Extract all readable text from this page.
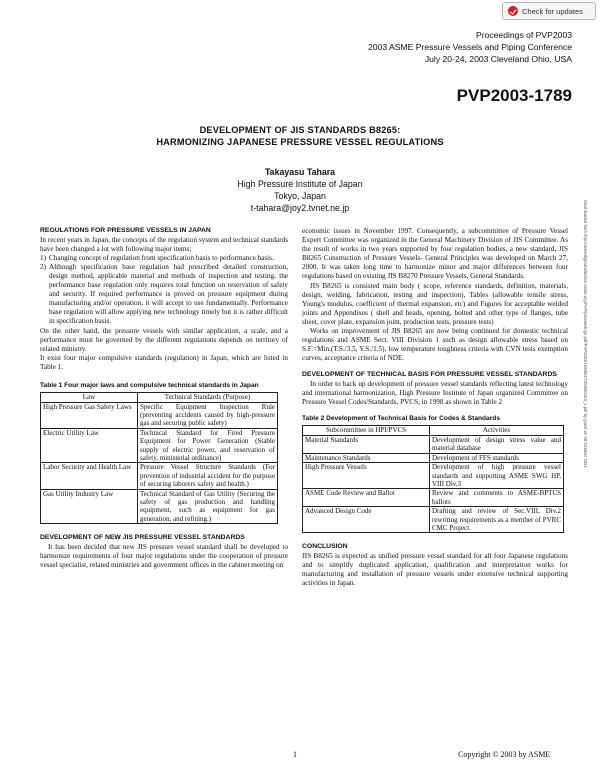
Check for updates
Proceedings of PVP2003
2003 ASME Pressure Vessels and Piping Conference
July 20-24, 2003 Cleveland Ohio, USA
PVP2003-1789
DEVELOPMENT OF JIS STANDARDS B8265:
HARMONIZING JAPANESE PRESSURE VESSEL REGULATIONS
Takayasu Tahara
High Pressure Institute of Japan
Tokyo, Japan
t-tahara@joy2.tvnet.ne.jp	Downloaded from http://asmedigitalcollection.asme.org/PVP/proceedings-pdf/PVP2003/16990/47/2568010/3_1.pdf by guest on 08 October 2021
REGULATIONS FOR PRESSURE VESSELS IN JAPAN

In recent years in Japan, the concepts of the regulation system and technical standards have been changed a lot with following major items;

1) Changing concept of regulation from specification basis to performance basis.
2) Although specification base regulation had prescribed detailed construction, design method, applicable material and methods of inspection and testing, the performance base regulation only requires total function on reservation of safety and security. If required performance is proved on pressure equipment during manufacturing and/or operation, it will accept to use fundamentally. Performance base regulation will allow applying new technology timely but it is rather difficult in specification basis.

On the other hand, the pressure vessels with similar application, a scale, and a performance must be governed by the different regulations depends on territory of related ministry.

It exist four major compulsive standards (regulation) in Japan, which are listed in Table 1.

Table 1 Four major laws and compulsive technical standards in Japan
Law	Technical Standards (Purpose)
High Pressure Gas Safety Laws	Specific Equipment Inspection Rule (preventing accidents caused by high-pressure gas and securing public safety)
Electric Utility Law	Technical Standard for Fired Pressure Equipment for Power Generation (Stable supply of electric power, and reservation of safety, ministerial ordinance)
Labor Security and Health Law	Pressure Vessel Structure Standards (For prevention of industrial accident for the purpose of securing laborers safety and health.)
Gas Utility Industry Law	Technical Standard of Gas Utility (Securing the safety of gas production and handling equipment, such as equipment for gas generation, and refining.)
DEVELOPMENT OF NEW JIS PRESSURE VESSEL STANDARDS

It has been decided that new JIS pressure vessel standard shall be developed to harmonize requirements of four major regulations under the cooperation of pressure vessel specialist, related ministries and government offices in the cabinet meeting on

economic issues in November 1997. Consequently, a subcommittee of Pressure Vessel Expert Committee was organized in the General Machinery Division of JIS Committee. As the result of works in two years supported by four regulation bodies, a new standard, JIS B8265 Construction of Pressure Vessels- General Principles was developed on March 27, 2000. It was taken long time to harmonize minor and major differences between four regulations based on existing JIS B8270 Pressure Vessels, General Standards.

JIS B8265 is consisted main body ( scope, reference standards, definition, materials, design, welding, fabrication, testing and inspection), Tables (allowable tensile stress, Young's modulus, coefficient of thermal expansion, etc) and Figures for acceptable welded joints and Appendixes ( shell and heads, opening, bolted and other type of flanges, tube sheet, cover plate, expansion joint, production tests, pressure tests)

Works on improvement of JIS B8265 are now being continued for domestic technical regulations and ASME Sect. VIII Division 1 such as design allowable stress based on S.F.=Min.(T.S./3.5, Y.S./1.5), low temperature toughness criteria with CVN tests exemption curves, acceptance criteria of NDE.

DEVELOPMENT OF TECHNICAL BASIS FOR PRESSURE VESSEL STANDARDS

In order to back up development of pressure vessel standards reflecting latest technology and international harmonization, High Pressure Institute of Japan organized Committee on Pressure Vessel Codes/Standards, PVCS, in 1998 as shown in Table 2

Table 2 Development of Technical Basis for Codes & Standards
Subcommittee in HPI/PVCS	Activities
Material Standards	Development of design stress value and material database
Maintenance Standards	Development of FFS standards
High Pressure Vessels	Development of high pressure vessel standards and supporting ASME SWG HP, VIII Div.3
ASME Code Review and Ballot	Review and comments to ASME-BPTCS ballots
Advanced Design Code	Drafting and review of Sec.VIII, Div.2 rewriting requirements as a member of PVRC CMC Project
CONCLUSION

JIS B8265 is expected as unified pressure vessel standard for all four Japanese regulations and to simplify duplicated application, qualification and interpretation works for manufacturing and installation of pressure vessels under extensive technical supporting activities in Japan.

1	Copyright © 2003 by ASME
